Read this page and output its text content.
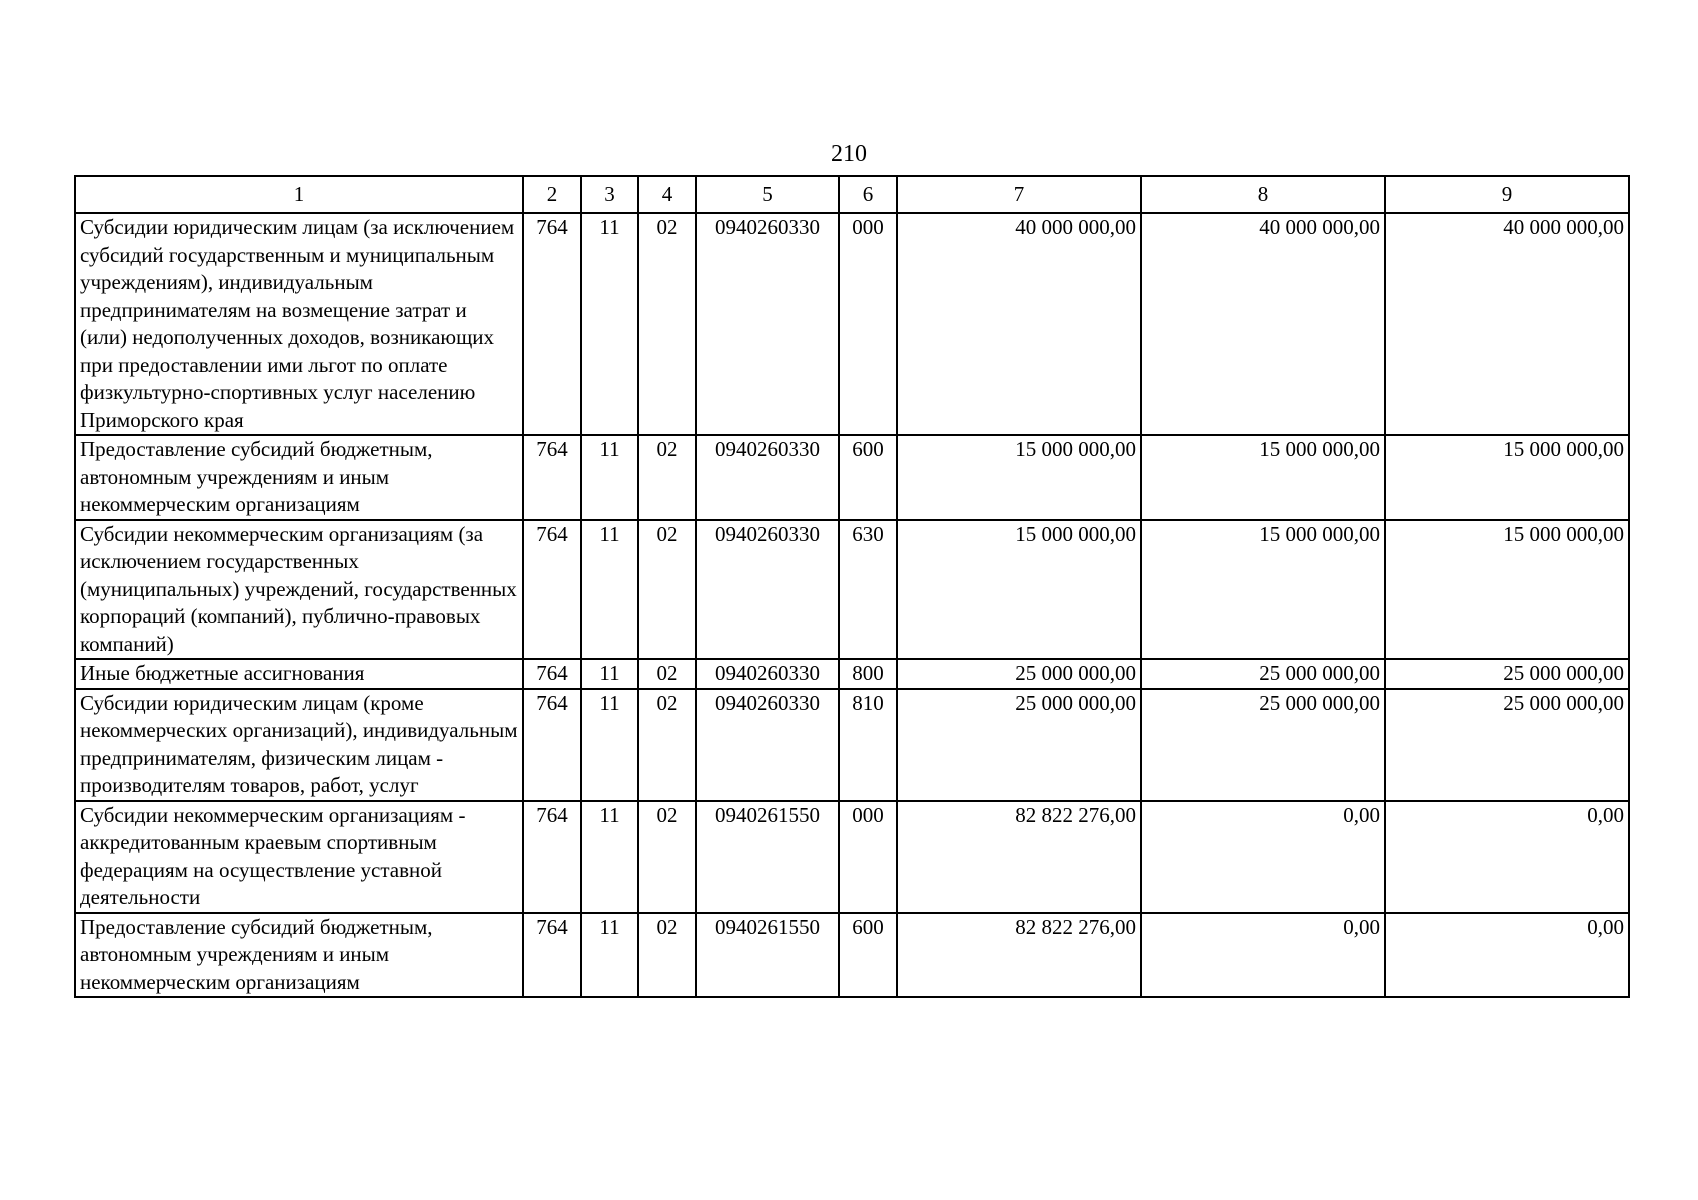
210
1	2	3	4	5	6	7	8	9
Субсидии юридическим лицам (за исключением субсидий государственным и муниципальным учреждениям), индивидуальным предпринимателям на возмещение затрат и (или) недополученных доходов, возникающих при предоставлении ими льгот по оплате физкультурно-спортивных услуг населению Приморского края	764	11	02	0940260330	000	40 000 000,00	40 000 000,00	40 000 000,00
Предоставление субсидий бюджетным, автономным учреждениям и иным некоммерческим организациям	764	11	02	0940260330	600	15 000 000,00	15 000 000,00	15 000 000,00
Субсидии некоммерческим организациям (за исключением государственных (муниципальных) учреждений, государственных корпораций (компаний), публично-правовых компаний)	764	11	02	0940260330	630	15 000 000,00	15 000 000,00	15 000 000,00
Иные бюджетные ассигнования	764	11	02	0940260330	800	25 000 000,00	25 000 000,00	25 000 000,00
Субсидии юридическим лицам (кроме некоммерческих организаций), индивидуальным предпринимателям, физическим лицам - производителям товаров, работ, услуг	764	11	02	0940260330	810	25 000 000,00	25 000 000,00	25 000 000,00
Субсидии некоммерческим организациям - аккредитованным краевым спортивным федерациям на осуществление уставной деятельности	764	11	02	0940261550	000	82 822 276,00	0,00	0,00
Предоставление субсидий бюджетным, автономным учреждениям и иным некоммерческим организациям	764	11	02	0940261550	600	82 822 276,00	0,00	0,00
